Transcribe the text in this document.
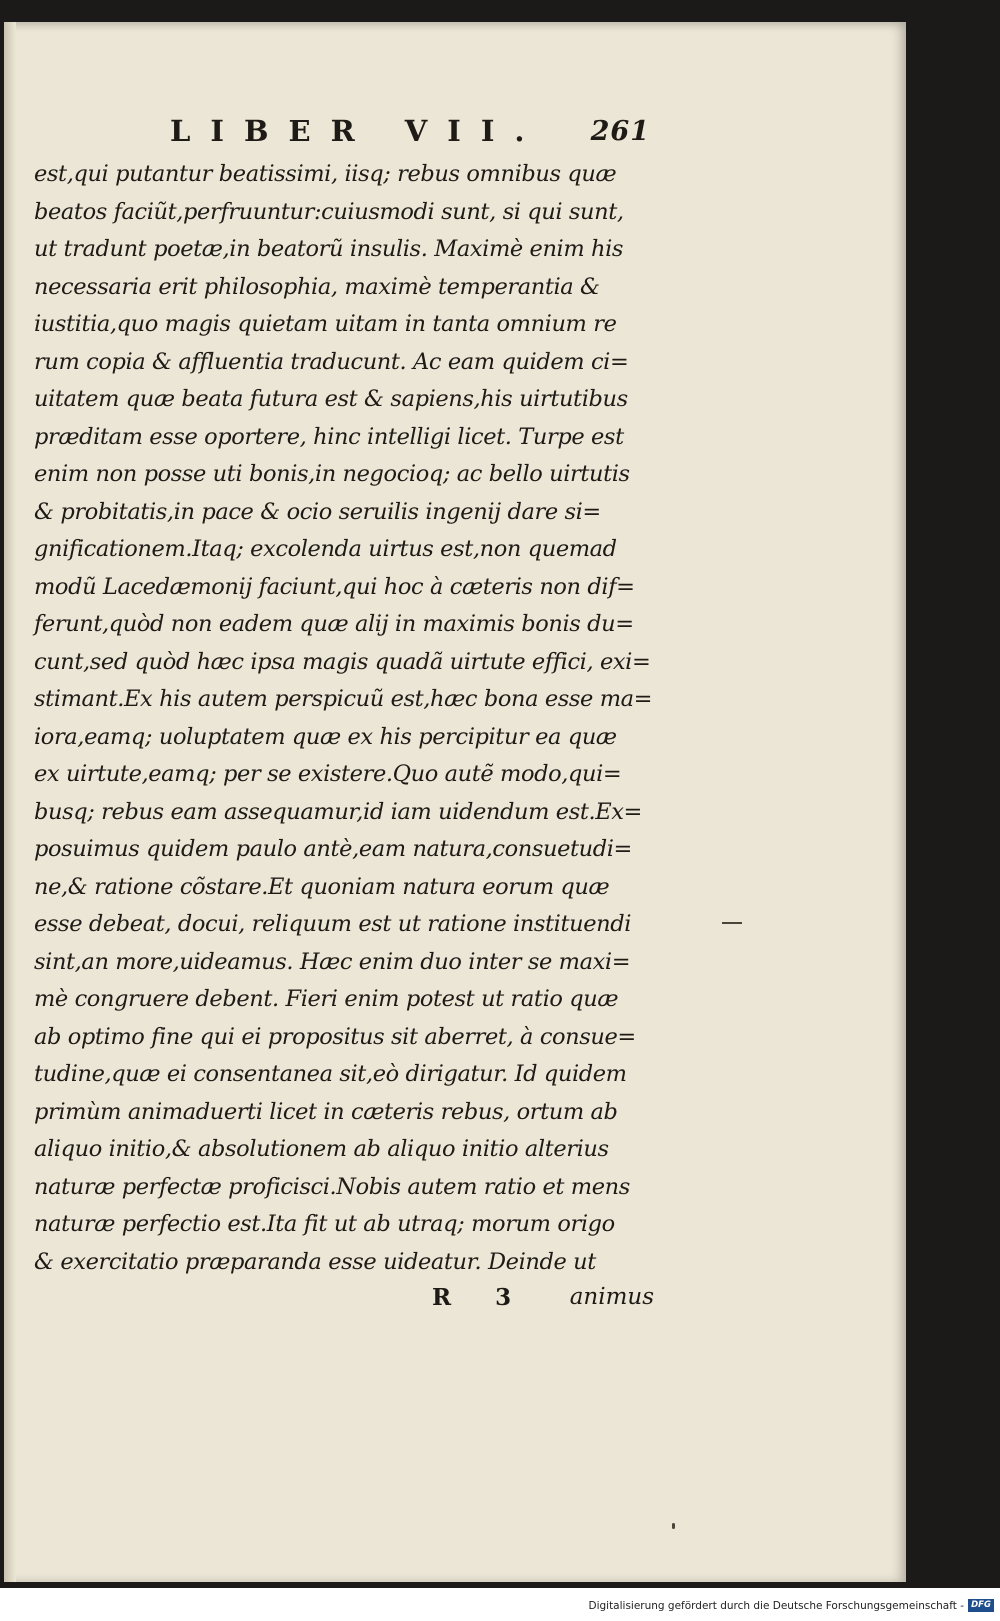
LIBER VII. 261
est,qui putantur beatissimi, iisq; rebus omnibus quæ
beatos faciũt,perfruuntur:cuiusmodi sunt, si qui sunt,
ut tradunt poetæ,in beatorũ insulis. Maximè enim his
necessaria erit philosophia, maximè temperantia &
iustitia,quo magis quietam uitam in tanta omnium re
rum copia & affluentia traducunt. Ac eam quidem ci=
uitatem quæ beata futura est & sapiens,his uirtutibus
præditam esse oportere, hinc intelligi licet. Turpe est
enim non posse uti bonis,in negocioq; ac bello uirtutis
& probitatis,in pace & ocio seruilis ingenij dare si=
gnificationem.Itaq; excolenda uirtus est,non quemad
modũ Lacedæmonij faciunt,qui hoc à cæteris non dif=
ferunt,quòd non eadem quæ alij in maximis bonis du=
cunt,sed quòd hæc ipsa magis quadã uirtute effici, exi=
stimant.Ex his autem perspicuũ est,hæc bona esse ma=
iora,eamq; uoluptatem quæ ex his percipitur ea quæ
ex uirtute,eamq; per se existere.Quo autẽ modo,qui=
busq; rebus eam assequamur,id iam uidendum est.Ex=
posuimus quidem paulo antè,eam natura,consuetudi=
ne,& ratione cõstare.Et quoniam natura eorum quæ
esse debeat, docui, reliquum est ut ratione instituendi
sint,an more,uideamus. Hæc enim duo inter se maxi=
mè congruere debent. Fieri enim potest ut ratio quæ
ab optimo fine qui ei propositus sit aberret, à consue=
tudine,quæ ei consentanea sit,eò dirigatur. Id quidem
primùm animaduerti licet in cæteris rebus, ortum ab
aliquo initio,& absolutionem ab aliquo initio alterius
naturæ perfectæ proficisci.Nobis autem ratio et mens
naturæ perfectio est.Ita fit ut ab utraq; morum origo
& exercitatio præparanda esse uideatur. Deinde ut
R 3 animus
Digitalisierung gefördert durch die Deutsche Forschungsgemeinschaft - DFG
